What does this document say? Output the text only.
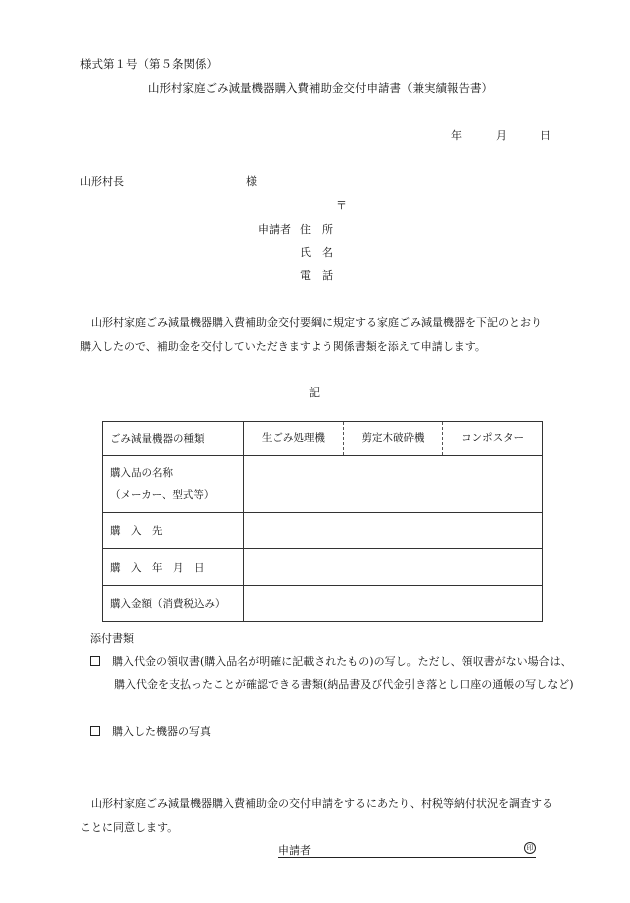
様式第１号（第５条関係）
山形村家庭ごみ減量機器購入費補助金交付申請書（兼実績報告書）
年	月	日
山形村長	様
〒
申請者 住　所
氏　名
電　話
　山形村家庭ごみ減量機器購入費補助金交付要綱に規定する家庭ごみ減量機器を下記のとおり購入したので、補助金を交付していただきますよう関係書類を添えて申請します。
記
ごみ減量機器の種類	生ごみ処理機 剪定木破砕機 コンポスター

購入品の名称
（メーカー、型式等）	

購　入　先	
購　入　年　月　日	
購入金額（消費税込み）	
添付書類
購入代金の領収書(購入品名が明確に記載されたもの)の写し。ただし、領収書がない場合は、購入代金を支払ったことが確認できる書類(納品書及び代金引き落とし口座の通帳の写しなど)
購入した機器の写真
　山形村家庭ごみ減量機器購入費補助金の交付申請をするにあたり、村税等納付状況を調査することに同意します。
申請者	印
